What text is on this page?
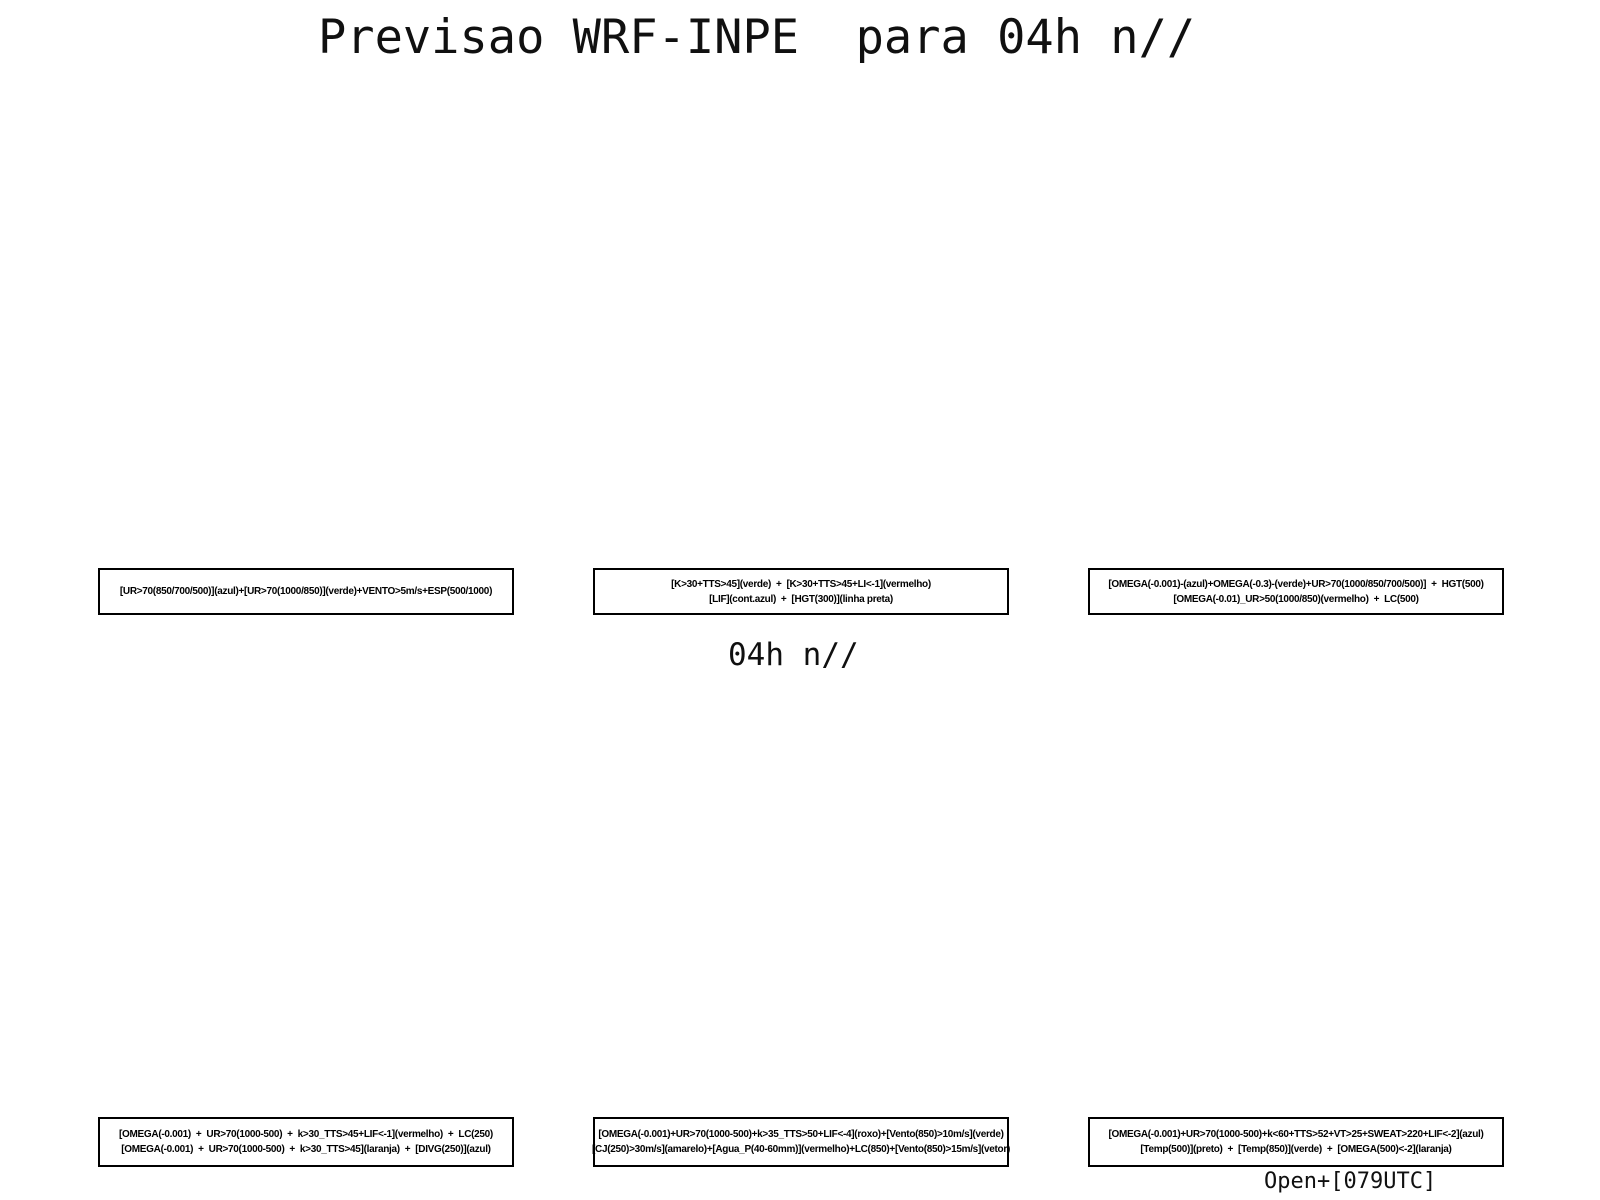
Previsao WRF-INPE  para 04h n//
[UR>70(850/700/500)](azul)+[UR>70(1000/850)](verde)+VENTO>5m/s+ESP(500/1000)
[K>30+TTS>45](verde)  +  [K>30+TTS>45+LI<-1](vermelho)
[LIF](cont.azul)  +  [HGT(300)](linha preta)
[OMEGA(-0.001)-(azul)+OMEGA(-0.3)-(verde)+UR>70(1000/850/700/500)]  +  HGT(500)
[OMEGA(-0.01)_UR>50(1000/850)(vermelho)  +  LC(500)
04h n//
[OMEGA(-0.001)  +  UR>70(1000-500)  +  k>30_TTS>45+LIF<-1](vermelho)  +  LC(250)
[OMEGA(-0.001)  +  UR>70(1000-500)  +  k>30_TTS>45](laranja)  +  [DIVG(250)](azul)
[OMEGA(-0.001)+UR>70(1000-500)+k>35_TTS>50+LIF<-4](roxo)+[Vento(850)>10m/s](verde)
[CJ(250)>30m/s](amarelo)+[Agua_P(40-60mm)](vermelho)+LC(850)+[Vento(850)>15m/s](vetor)
[OMEGA(-0.001)+UR>70(1000-500)+k<60+TTS>52+VT>25+SWEAT>220+LIF<-2](azul)
[Temp(500)](preto)  +  [Temp(850)](verde)  +  [OMEGA(500)<-2](laranja)
Open+[079UTC]
